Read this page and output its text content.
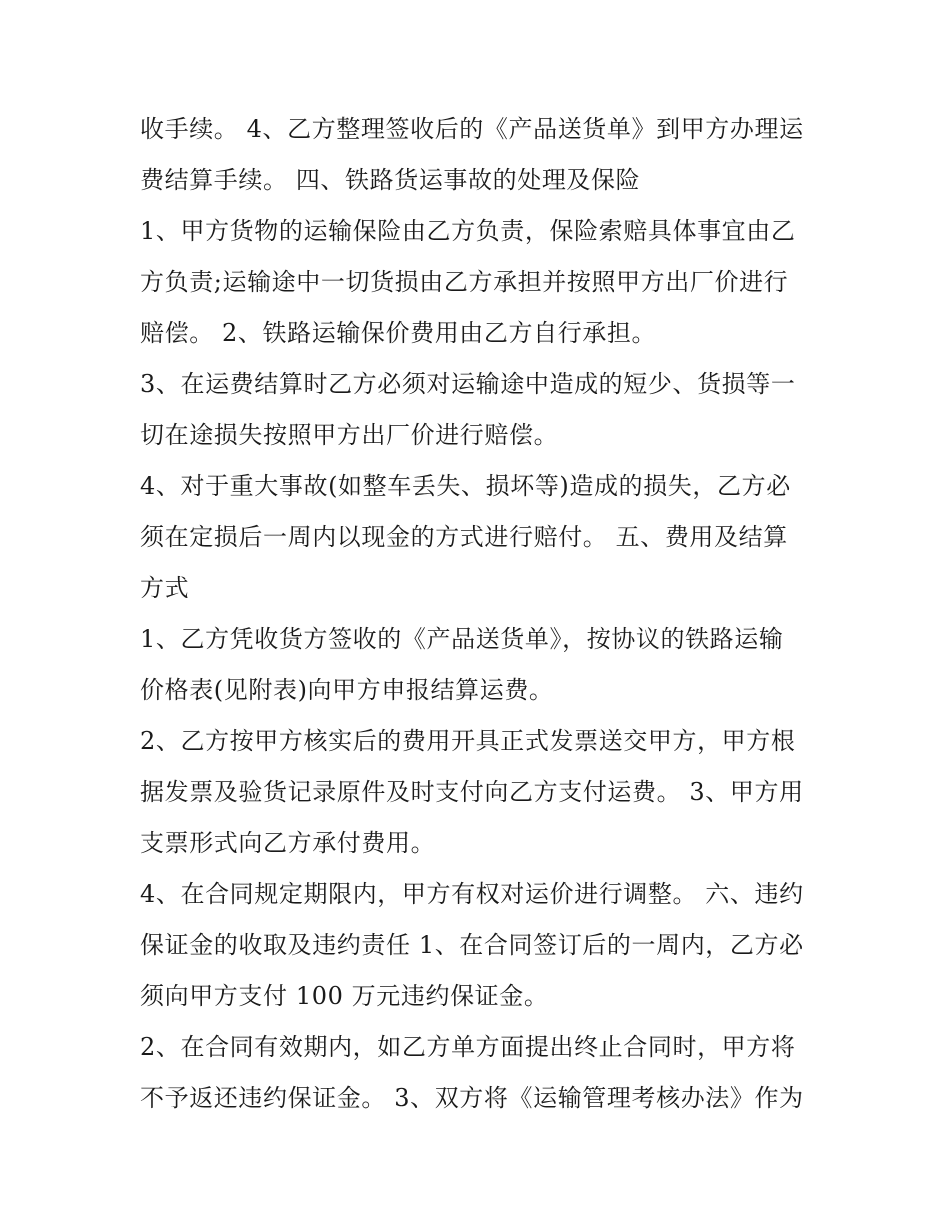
收手续。 4、乙方整理签收后的《产品送货单》到甲方办理运
费结算手续。 四、铁路货运事故的处理及保险
1、甲方货物的运输保险由乙方负责，保险索赔具体事宜由乙
方负责;运输途中一切货损由乙方承担并按照甲方出厂价进行
赔偿。 2、铁路运输保价费用由乙方自行承担。
3、在运费结算时乙方必须对运输途中造成的短少、货损等一
切在途损失按照甲方出厂价进行赔偿。
4、对于重大事故(如整车丢失、损坏等)造成的损失，乙方必
须在定损后一周内以现金的方式进行赔付。 五、费用及结算
方式
1、乙方凭收货方签收的《产品送货单》，按协议的铁路运输
价格表(见附表)向甲方申报结算运费。
2、乙方按甲方核实后的费用开具正式发票送交甲方，甲方根
据发票及验货记录原件及时支付向乙方支付运费。 3、甲方用
支票形式向乙方承付费用。
4、在合同规定期限内，甲方有权对运价进行调整。 六、违约
保证金的收取及违约责任 1、在合同签订后的一周内，乙方必
须向甲方支付 100 万元违约保证金。
2、在合同有效期内，如乙方单方面提出终止合同时，甲方将
不予返还违约保证金。 3、双方将《运输管理考核办法》作为
